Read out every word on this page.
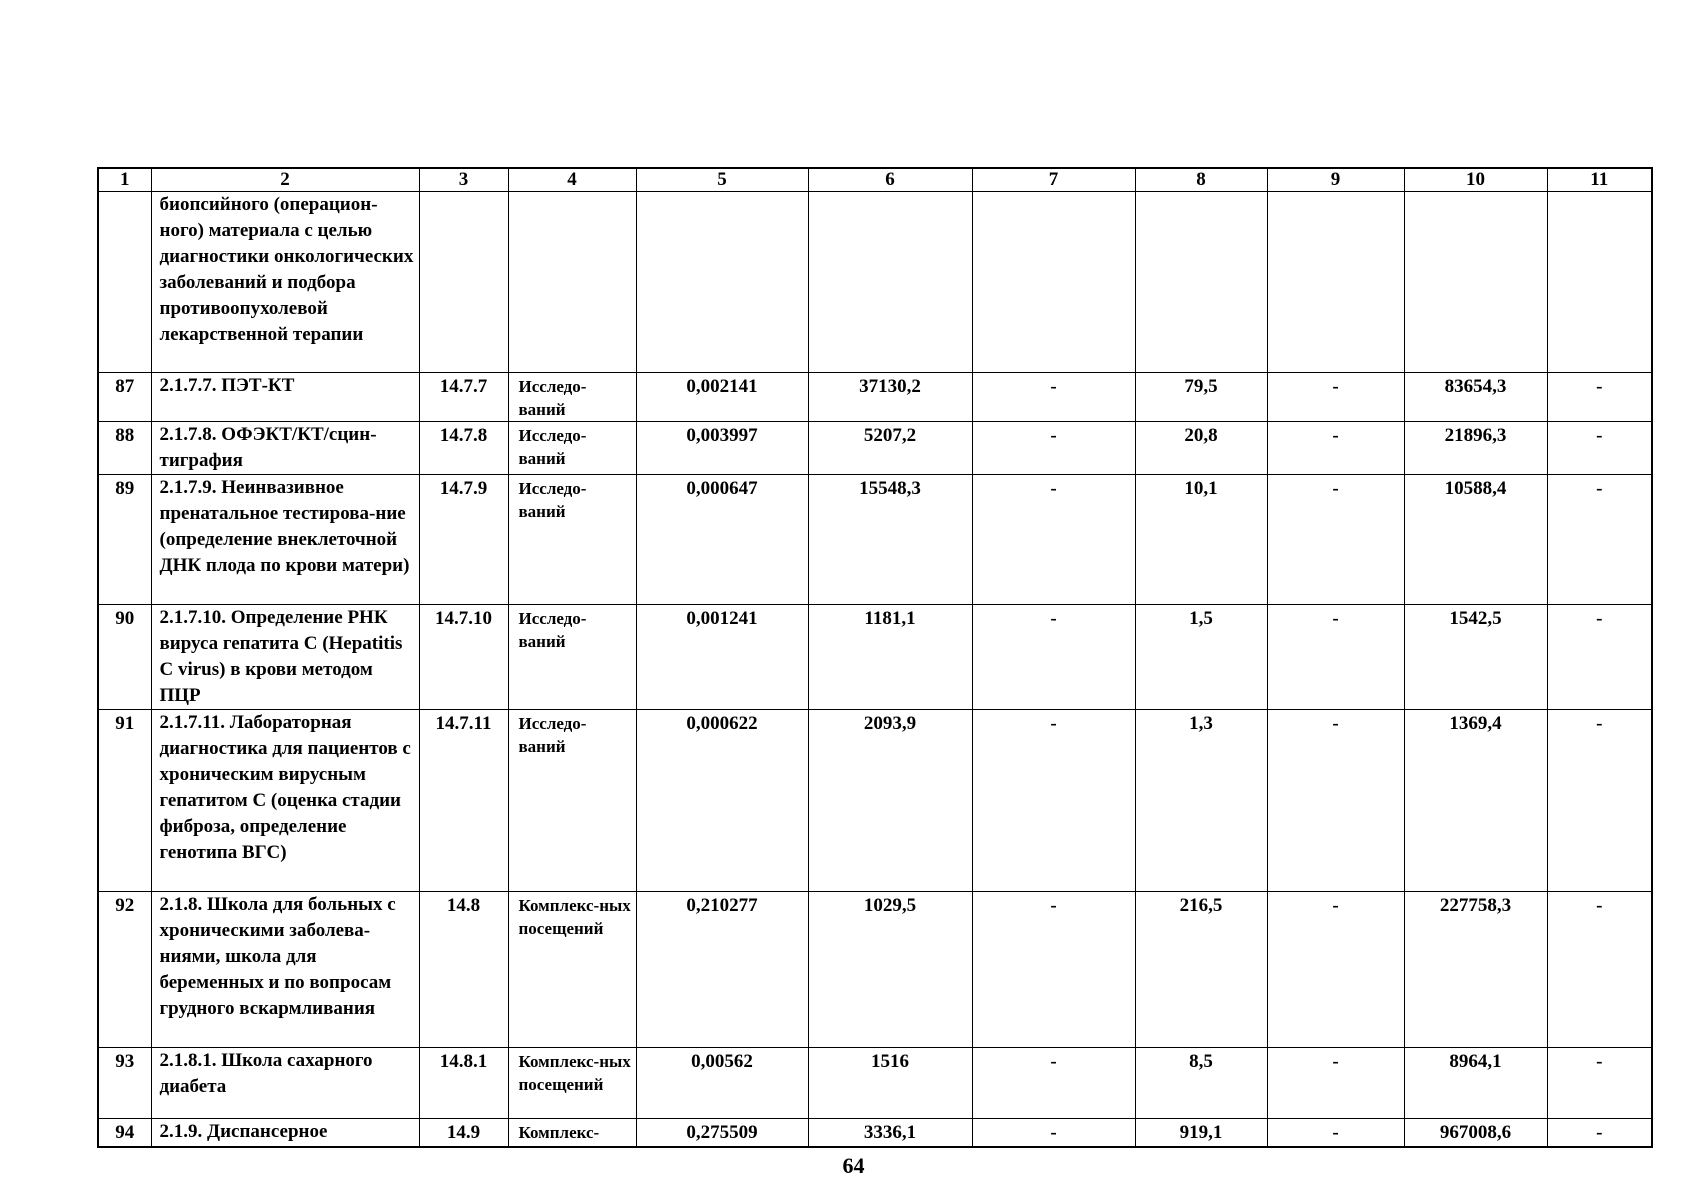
1	2	3	4	5	6	7	8	9	10	11
	биопсийного (операцион-ного) материала с целью диагностики онкологических заболеваний и подбора противоопухолевой лекарственной терапии									
87	2.1.7.7. ПЭТ-КТ	14.7.7	Исследо-ваний	0,002141	37130,2	-	79,5	-	83654,3	-
88	2.1.7.8. ОФЭКТ/КТ/сцин-тиграфия	14.7.8	Исследо-ваний	0,003997	5207,2	-	20,8	-	21896,3	-
89	2.1.7.9. Неинвазивное пренатальное тестирова-ние (определение внеклеточной ДНК плода по крови матери)	14.7.9	Исследо-ваний	0,000647	15548,3	-	10,1	-	10588,4	-
90	2.1.7.10. Определение РНК вируса гепатита С (Hepatitis C virus) в крови методом ПЦР	14.7.10	Исследо-ваний	0,001241	1181,1	-	1,5	-	1542,5	-
91	2.1.7.11. Лабораторная диагностика для пациентов с хроническим вирусным гепатитом С (оценка стадии фиброза, определение генотипа ВГС)	14.7.11	Исследо-ваний	0,000622	2093,9	-	1,3	-	1369,4	-
92	2.1.8. Школа для больных с хроническими заболева-ниями, школа для беременных и по вопросам грудного вскармливания	14.8	Комплекс-ных посещений	0,210277	1029,5	-	216,5	-	227758,3	-
93	2.1.8.1. Школа сахарного диабета	14.8.1	Комплекс-ных посещений	0,00562	1516	-	8,5	-	8964,1	-
94	2.1.9. Диспансерное	14.9	Комплекс-	0,275509	3336,1	-	919,1	-	967008,6	-
64
